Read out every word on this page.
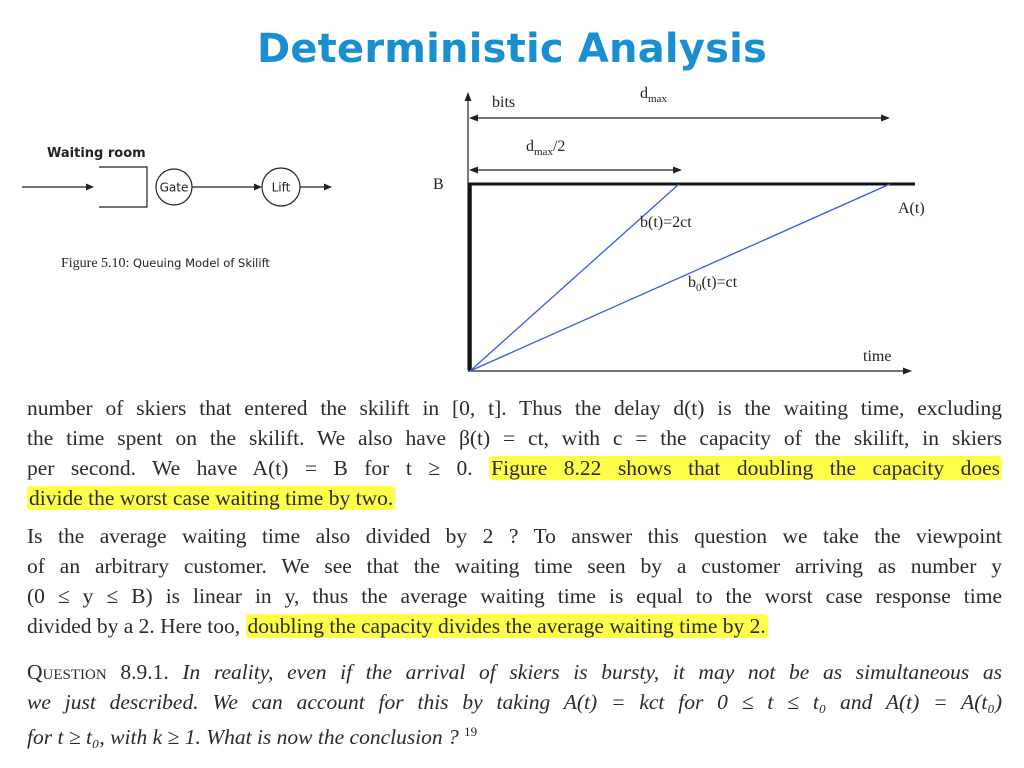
Deterministic Analysis
Waiting room
Gate	Lift
Figure 5.10: Queuing Model of Skilift
bits
time
B
A(t)
$d_{max}$
$d_{max}/2$
b(t)=2ct
$b_0(t)=ct$
number of skiers that entered the skilift in [0, t]. Thus the delay d(t) is the waiting time, excluding
the time spent on the skilift. We also have β(t) = ct, with c = the capacity of the skilift, in skiers
per second. We have A(t) = B for t ≥ 0. Figure 8.22 shows that doubling the capacity does
divide the worst case waiting time by two.
Is the average waiting time also divided by 2 ? To answer this question we take the viewpoint
of an arbitrary customer. We see that the waiting time seen by a customer arriving as number y
(0 ≤ y ≤ B) is linear in y, thus the average waiting time is equal to the worst case response time
divided by a 2. Here too, doubling the capacity divides the average waiting time by 2.
Question 8.9.1. In reality, even if the arrival of skiers is bursty, it may not be as simultaneous as
we just described. We can account for this by taking A(t) = kct for 0 ≤ t ≤ t₀ and A(t) = A(t₀)
for t ≥ t₀, with k ≥ 1. What is now the conclusion ? $^{19}$
